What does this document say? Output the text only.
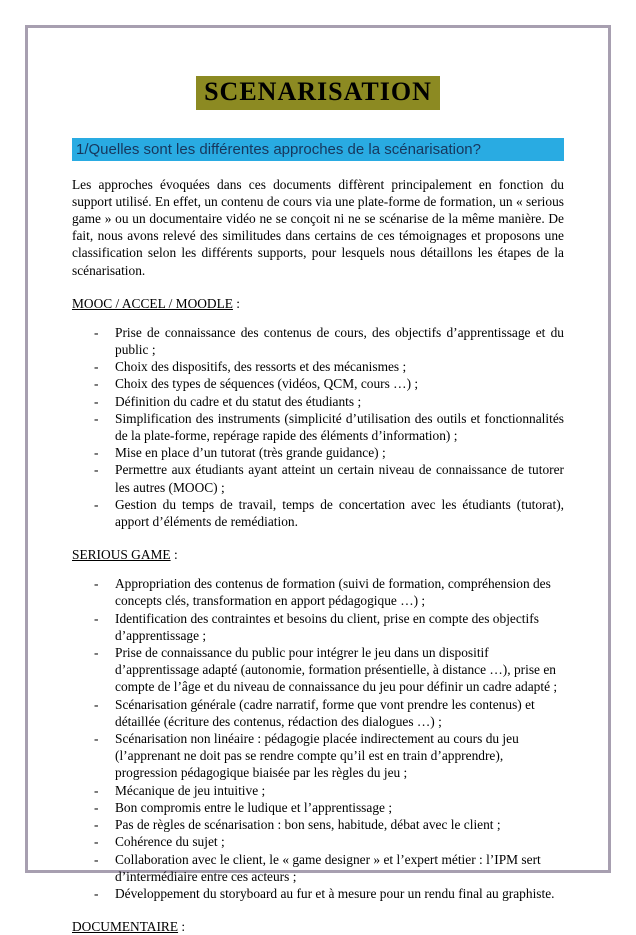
SCENARISATION
1/Quelles sont les différentes approches de la scénarisation?

Les approches évoquées dans ces documents diffèrent principalement en fonction du support utilisé. En effet, un contenu de cours via une plate-forme de formation, un « serious game » ou un documentaire vidéo ne se conçoit ni ne se scénarise de la même manière. De fait, nous avons relevé des similitudes dans certains de ces témoignages et proposons une classification selon les différents supports, pour lesquels nous détaillons les étapes de la scénarisation.

MOOC / ACCEL / MOODLE :
-	Prise de connaissance des contenus de cours, des objectifs d’apprentissage et du public ;
-	Choix des dispositifs, des ressorts et des mécanismes ;
-	Choix des types de séquences (vidéos, QCM, cours …) ;
-	Définition du cadre et du statut des étudiants ;
-	Simplification des instruments (simplicité d’utilisation des outils et fonctionnalités de la plate-forme, repérage rapide des éléments d’information) ;
-	Mise en place d’un tutorat (très grande guidance) ;
-	Permettre aux étudiants ayant atteint un certain niveau de connaissance de tutorer les autres (MOOC) ;
-	Gestion du temps de travail, temps de concertation avec les étudiants (tutorat), apport d’éléments de remédiation.
SERIOUS GAME :
-	Appropriation des contenus de formation (suivi de formation, compréhension des concepts clés, transformation en apport pédagogique …) ;
-	Identification des contraintes et besoins du client, prise en compte des objectifs d’apprentissage ;
-	Prise de connaissance du public pour intégrer le jeu dans un dispositif d’apprentissage adapté (autonomie, formation présentielle, à distance …), prise en compte de l’âge et du niveau de connaissance du jeu pour définir un cadre adapté ;
-	Scénarisation générale (cadre narratif, forme que vont prendre les contenus) et détaillée (écriture des contenus, rédaction des dialogues …) ;
-	Scénarisation non linéaire : pédagogie placée indirectement au cours du jeu (l’apprenant ne doit pas se rendre compte qu’il est en train d’apprendre), progression pédagogique biaisée par les règles du jeu ;
-	Mécanique de jeu intuitive ;
-	Bon compromis entre le ludique et l’apprentissage ;
-	Pas de règles de scénarisation : bon sens, habitude, débat avec le client ;
-	Cohérence du sujet ;
-	Collaboration avec le client, le « game designer » et l’expert métier : l’IPM sert d’intermédiaire entre ces acteurs ;
-	Développement du storyboard au fur et à mesure pour un rendu final au graphiste.
DOCUMENTAIRE :
